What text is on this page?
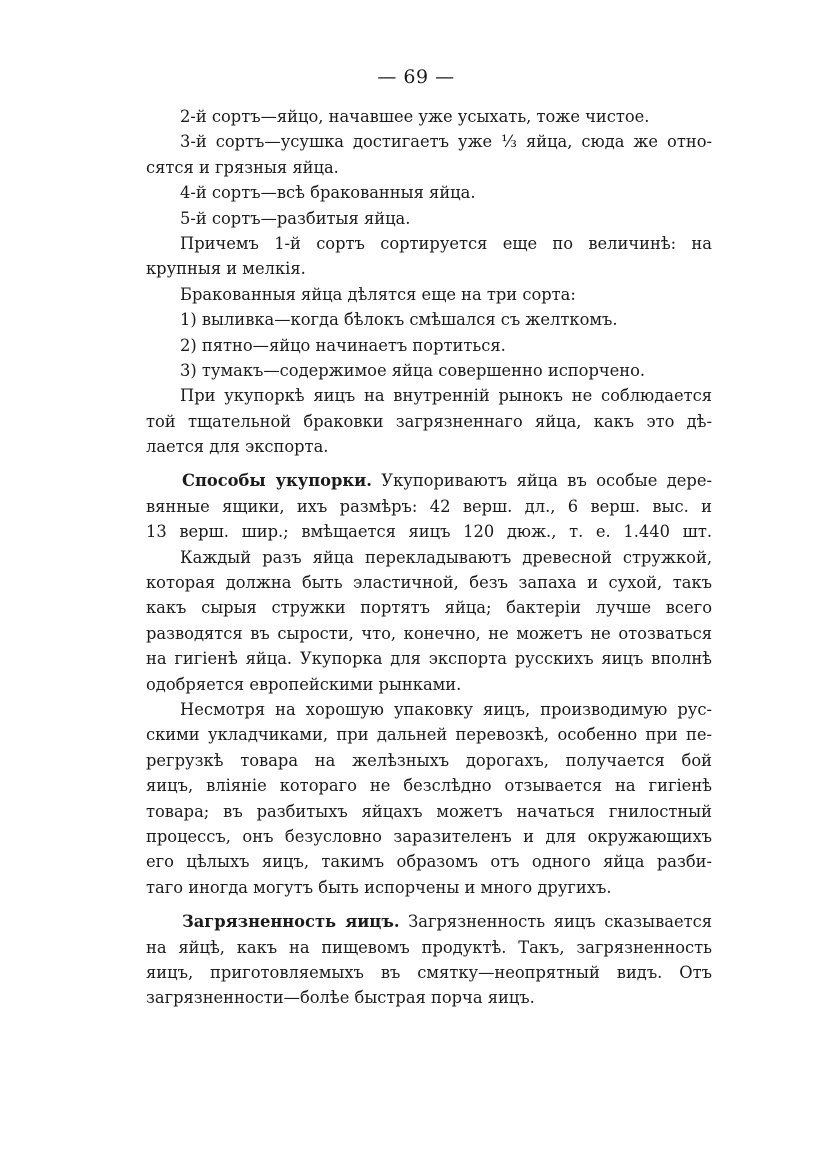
— 69 —
2-й сортъ—яйцо, начавшее уже усыхать, тоже чистое.
3-й сортъ—усушка достигаетъ уже ⅓ яйца, сюда же отно-
сятся и грязныя яйца.
4-й сортъ—всѣ бракованныя яйца.
5-й сортъ—разбитыя яйца.
Причемъ 1-й сортъ сортируется еще по величинѣ: на
крупныя и мелкія.
Бракованныя яйца дѣлятся еще на три сорта:
1) выливка—когда бѣлокъ смѣшался съ желткомъ.
2) пятно—яйцо начинаетъ портиться.
3) тумакъ—содержимое яйца совершенно испорчено.
При укупоркѣ яицъ на внутренній рынокъ не соблюдается
той тщательной браковки загрязненнаго яйца, какъ это дѣ-
лается для экспорта.
Способы укупорки. Укупориваютъ яйца въ особые дере-
вянные ящики, ихъ размѣръ: 42 верш. дл., 6 верш. выс. и
13 верш. шир.; вмѣщается яицъ 120 дюж., т. е. 1.440 шт.
Каждый разъ яйца перекладываютъ древесной стружкой,
которая должна быть эластичной, безъ запаха и сухой, такъ
какъ сырыя стружки портятъ яйца; бактеріи лучше всего
разводятся въ сырости, что, конечно, не можетъ не отозваться
на гигіенѣ яйца. Укупорка для экспорта русскихъ яицъ вполнѣ
одобряется европейскими рынками.
Несмотря на хорошую упаковку яицъ, производимую рус-
скими укладчиками, при дальней перевозкѣ, особенно при пе-
регрузкѣ товара на желѣзныхъ дорогахъ, получается бой
яицъ, вліяніе котораго не безслѣдно отзывается на гигіенѣ
товара; въ разбитыхъ яйцахъ можетъ начаться гнилостный
процессъ, онъ безусловно заразителенъ и для окружающихъ
его цѣлыхъ яицъ, такимъ образомъ отъ одного яйца разби-
таго иногда могутъ быть испорчены и много другихъ.
Загрязненность яицъ. Загрязненность яицъ сказывается
на яйцѣ, какъ на пищевомъ продуктѣ. Такъ, загрязненность
яицъ, приготовляемыхъ въ смятку—неопрятный видъ. Отъ
загрязненности—болѣе быстрая порча яицъ.
